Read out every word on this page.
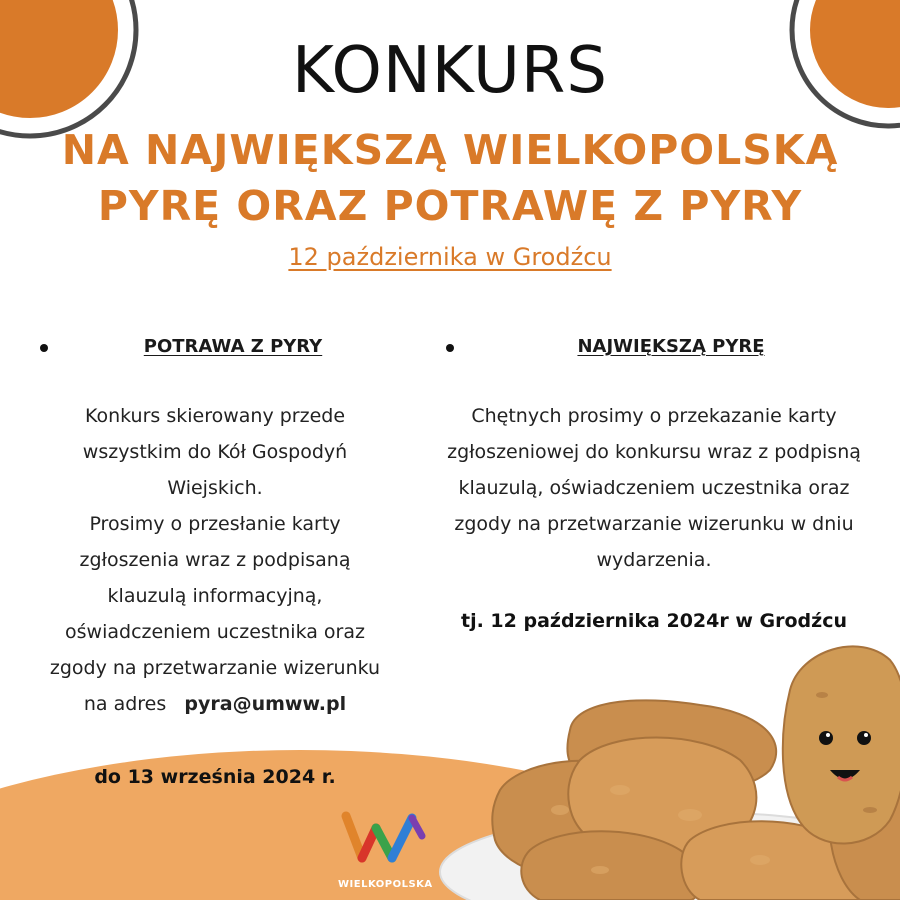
KONKURS
NA NAJWIĘKSZĄ WIELKOPOLSKĄ
PYRĘ ORAZ POTRAWĘ Z PYRY
12 października w Grodźcu
POTRAWA Z PYRY
Konkurs skierowany przede
wszystkim do Kół Gospodyń
Wiejskich.
Prosimy o przesłanie karty
zgłoszenia wraz z podpisaną
klauzulą informacyjną,
oświadczeniem uczestnika oraz
zgody na przetwarzanie wizerunku
na adres pyra@umww.pl
do 13 września 2024 r.
NAJWIĘKSZĄ PYRĘ
Chętnych prosimy o przekazanie karty
zgłoszeniowej do konkursu wraz z podpisną
klauzulą, oświadczeniem uczestnika oraz
zgody na przetwarzanie wizerunku w dniu
wydarzenia.
tj. 12 października 2024r w Grodźcu
WIELKOPOLSKA
